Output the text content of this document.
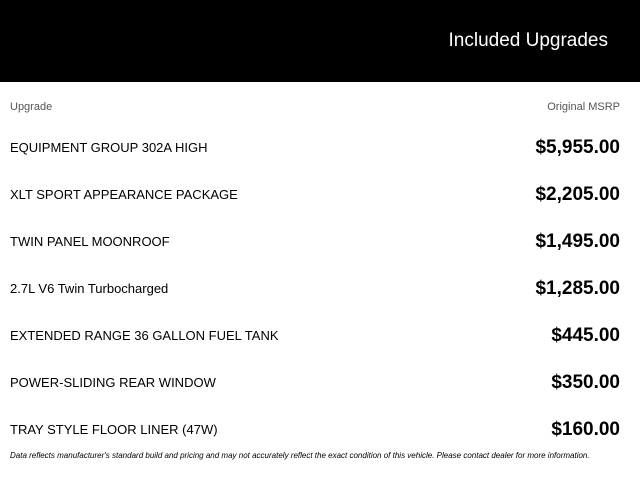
Included Upgrades
Upgrade	Original MSRP
EQUIPMENT GROUP 302A HIGH	$5,955.00
XLT SPORT APPEARANCE PACKAGE	$2,205.00
TWIN PANEL MOONROOF	$1,495.00
2.7L V6 Twin Turbocharged	$1,285.00
EXTENDED RANGE 36 GALLON FUEL TANK	$445.00
POWER-SLIDING REAR WINDOW	$350.00
TRAY STYLE FLOOR LINER (47W)	$160.00
Data reflects manufacturer's standard build and pricing and may not accurately reflect the exact condition of this vehicle. Please contact dealer for more information.
